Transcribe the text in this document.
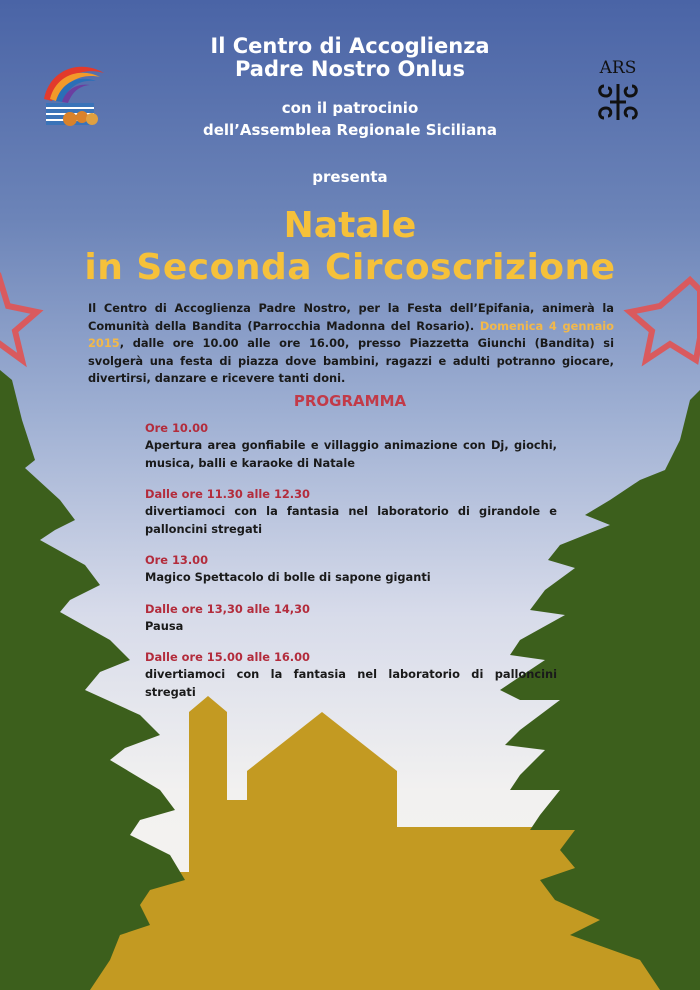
ARS
Il Centro di Accoglienza
Padre Nostro Onlus
con il patrocinio
dell’Assemblea Regionale Siciliana
presenta
Natale
in Seconda Circoscrizione
Il Centro di Accoglienza Padre Nostro, per la Festa dell’Epifania, animerà la Comunità della Bandita (Parrocchia Madonna del Rosario). Domenica 4 gennaio 2015, dalle ore 10.00 alle ore 16.00, presso Piazzetta Giunchi (Bandita) si svolgerà una festa di piazza dove bambini, ragazzi e adulti potranno giocare, divertirsi, danzare e ricevere tanti doni.
PROGRAMMA
Ore 10.00
Apertura area gonfiabile e villaggio animazione con Dj, giochi, musica, balli e karaoke di Natale
Dalle ore 11.30 alle 12.30
divertiamoci con la fantasia nel laboratorio di girandole e palloncini stregati
Ore 13.00
Magico Spettacolo di bolle di sapone giganti
Dalle ore 13,30 alle 14,30
Pausa
Dalle ore 15.00 alle 16.00
divertiamoci con la fantasia nel laboratorio di palloncini stregati
